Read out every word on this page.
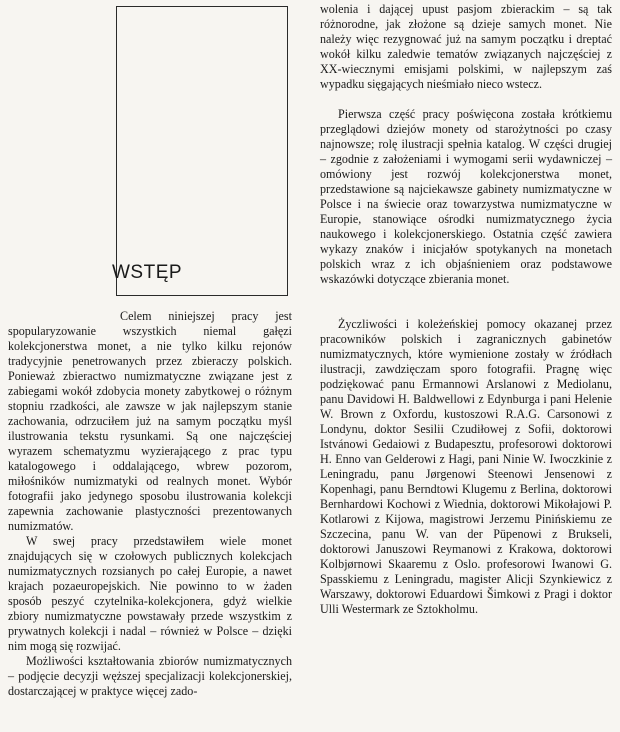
WSTĘP

Celem niniejszej pracy jest spopularyzowanie wszystkich niemal gałęzi kolekcjonerstwa monet, a nie tylko kilku rejonów tradycyjnie penetrowanych przez zbieraczy polskich. Ponieważ zbieractwo numizmatyczne związane jest z zabiegami wokół zdobycia monety zabytkowej o różnym stopniu rzadkości, ale zawsze w jak najlepszym stanie zachowania, odrzuciłem już na samym początku myśl ilustrowania tekstu rysunkami. Są one najczęściej wyrazem schematyzmu wyzierającego z prac typu katalogowego i oddalającego, wbrew pozorom, miłośników numizmatyki od realnych monet. Wybór fotografii jako jedynego sposobu ilustrowania kolekcji zapewnia zachowanie plastyczności prezentowanych numizmatów.

W swej pracy przedstawiłem wiele monet znajdujących się w czołowych publicznych kolekcjach numizmatycznych rozsianych po całej Europie, a nawet krajach pozaeuropejskich. Nie powinno to w żaden sposób peszyć czytelnika-kolekcjonera, gdyż wielkie zbiory numizmatyczne powstawały przede wszystkim z prywatnych kolekcji i nadal – również w Polsce – dzięki nim mogą się rozwijać.

Możliwości kształtowania zbiorów numizmatycznych – podjęcie decyzji węższej specjalizacji kolekcjonerskiej, dostarczającej w praktyce więcej zado-

wolenia i dającej upust pasjom zbierackim – są tak różnorodne, jak złożone są dzieje samych monet. Nie należy więc rezygnować już na samym początku i dreptać wokół kilku zaledwie tematów związanych najczęściej z XX-wiecznymi emisjami polskimi, w najlepszym zaś wypadku sięgających nieśmiało nieco wstecz.

Pierwsza część pracy poświęcona została krótkiemu przeglądowi dziejów monety od starożytności po czasy najnowsze; rolę ilustracji spełnia katalog. W części drugiej – zgodnie z założeniami i wymogami serii wydawniczej – omówiony jest rozwój kolekcjonerstwa monet, przedstawione są najciekawsze gabinety numizmatyczne w Polsce i na świecie oraz towarzystwa numizmatyczne w Europie, stanowiące ośrodki numizmatycznego życia naukowego i kolekcjonerskiego. Ostatnia część zawiera wykazy znaków i inicjałów spotykanych na monetach polskich wraz z ich objaśnieniem oraz podstawowe wskazówki dotyczące zbierania monet.

Życzliwości i koleżeńskiej pomocy okazanej przez pracowników polskich i zagranicznych gabinetów numizmatycznych, które wymienione zostały w źródłach ilustracji, zawdzięczam sporo fotografii. Pragnę więc podziękować panu Ermannowi Arslanowi z Mediolanu, panu Davidowi H. Baldwellowi z Edynburga i pani Helenie W. Brown z Oxfordu, kustoszowi R.A.G. Carsonowi z Londynu, doktor Sesilii Czudiłowej z Sofii, doktorowi Istvánowi Gedaiowi z Budapesztu, profesorowi doktorowi H. Enno van Gelderowi z Hagi, pani Ninie W. Iwoczkinie z Leningradu, panu Jørgenowi Steenowi Jensenowi z Kopenhagi, panu Berndtowi Klugemu z Berlina, doktorowi Bernhardowi Kochowi z Wiednia, doktorowi Mikołajowi P. Kotlarowi z Kijowa, magistrowi Jerzemu Pinińskiemu ze Szczecina, panu W. van der Püpenowi z Brukseli, doktorowi Januszowi Reymanowi z Krakowa, doktorowi Kolbjørnowi Skaaremu z Oslo. profesorowi Iwanowi G. Spasskiemu z Leningradu, magister Alicji Szynkiewicz z Warszawy, doktorowi Eduardowi Šimkowi z Pragi i doktor Ulli Westermark ze Sztokholmu.
